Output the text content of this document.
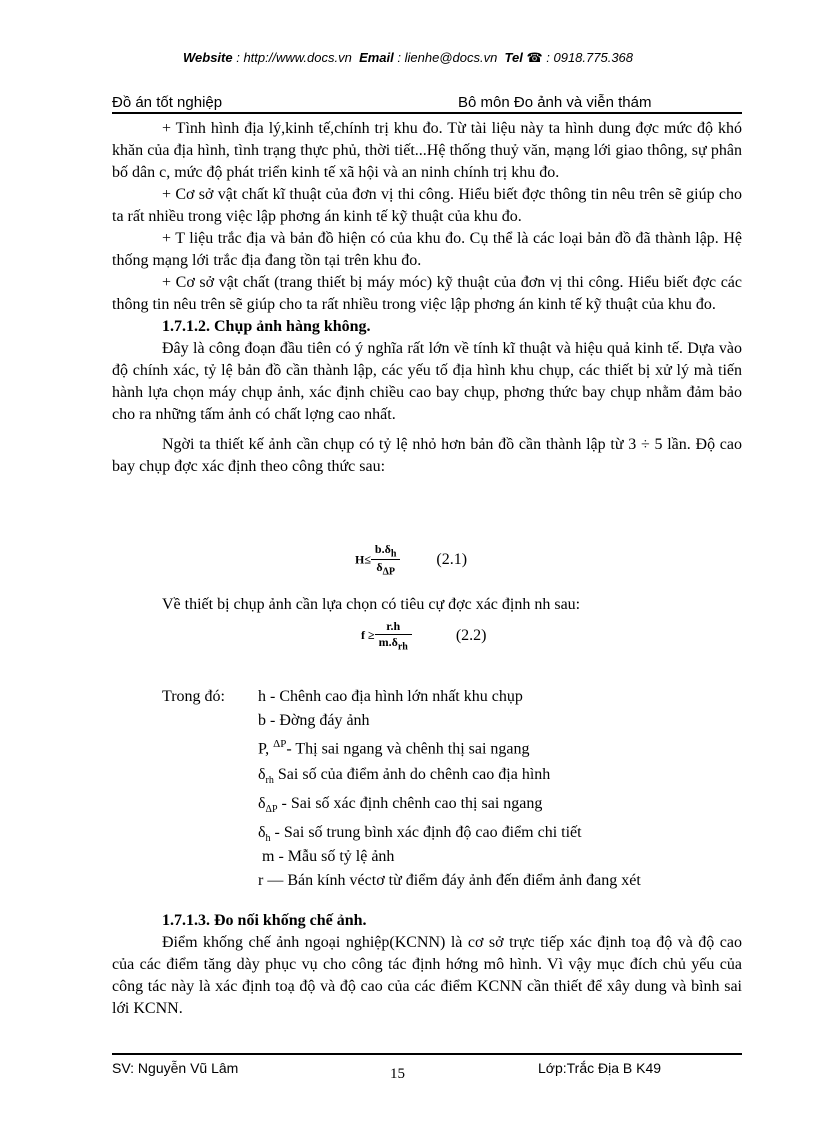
Website : http://www.docs.vn Email : lienhe@docs.vn Tel ☎ : 0918.775.368
Đồ án tốt nghiệp	Bô môn Đo ảnh và viễn thám

+ Tình hình địa lý,kinh tế,chính trị khu đo. Từ tài liệu này ta hình dung đợc mức độ khó khăn của địa hình, tình trạng thực phủ, thời tiết...Hệ thống thuỷ văn, mạng lới giao thông, sự phân bố dân c, mức độ phát triển kinh tế xã hội và an ninh chính trị khu đo.

+ Cơ sở vật chất kĩ thuật của đơn vị thi công. Hiểu biết đợc thông tin nêu trên sẽ giúp cho ta rất nhiều trong việc lập phơng án kinh tế kỹ thuật của khu đo.

+ T liệu trắc địa và bản đồ hiện có của khu đo. Cụ thể là các loại bản đồ đã thành lập. Hệ thống mạng lới trắc địa đang tồn tại trên khu đo.

+ Cơ sở vật chất (trang thiết bị máy móc) kỹ thuật của đơn vị thi công. Hiểu biết đợc các thông tin nêu trên sẽ giúp cho ta rất nhiều trong việc lập phơng án kinh tế kỹ thuật của khu đo.

1.7.1.2. Chụp ảnh hàng không.

Đây là công đoạn đầu tiên có ý nghĩa rất lớn về tính kĩ thuật và hiệu quả kinh tế. Dựa vào độ chính xác, tỷ lệ bản đồ cần thành lập, các yếu tố địa hình khu chụp, các thiết bị xử lý mà tiến hành lựa chọn máy chụp ảnh, xác định chiều cao bay chụp, phơng thức bay chụp nhằm đảm bảo cho ra những tấm ảnh có chất lợng cao nhất.

Ngời ta thiết kế ảnh cần chụp có tỷ lệ nhỏ hơn bản đồ cần thành lập từ 3 ÷ 5 lần. Độ cao bay chụp đợc xác định theo công thức sau:

$H\le \frac{b.\delta_h}{\delta_{\Delta P}} (2.1)$

Về thiết bị chụp ảnh cần lựa chọn có tiêu cự đợc xác định nh sau:

$f \ge \frac{r.h}{m.\delta_{rh}}$	(2.2)
Trong đó: h - Chênh cao địa hình lớn nhất khu chụp
b - Đờng đáy ảnh
P, $^{\Delta P}$- Thị sai ngang và chênh thị sai ngang
$\delta_{rh}$ Sai số của điểm ảnh do chênh cao địa hình
$\delta_{\Delta P}$ - Sai số xác định chênh cao thị sai ngang
$\delta_h$ - Sai số trung bình xác định độ cao điểm chi tiết
m - Mẫu số tỷ lệ ảnh
r — Bán kính véctơ từ điểm đáy ảnh đến điểm ảnh đang xét

1.7.1.3. Đo nối khống chế ảnh.

Điểm khống chế ảnh ngoại nghiệp(KCNN) là cơ sở trực tiếp xác định toạ độ và độ cao của các điểm tăng dày phục vụ cho công tác định hớng mô hình. Vì vậy mục đích chủ yếu của công tác này là xác định toạ độ và độ cao của các điểm KCNN cần thiết để xây dung và bình sai lới KCNN.

SV: Nguyễn Vũ Lâm	15	Lớp:Trắc Địa B K49
